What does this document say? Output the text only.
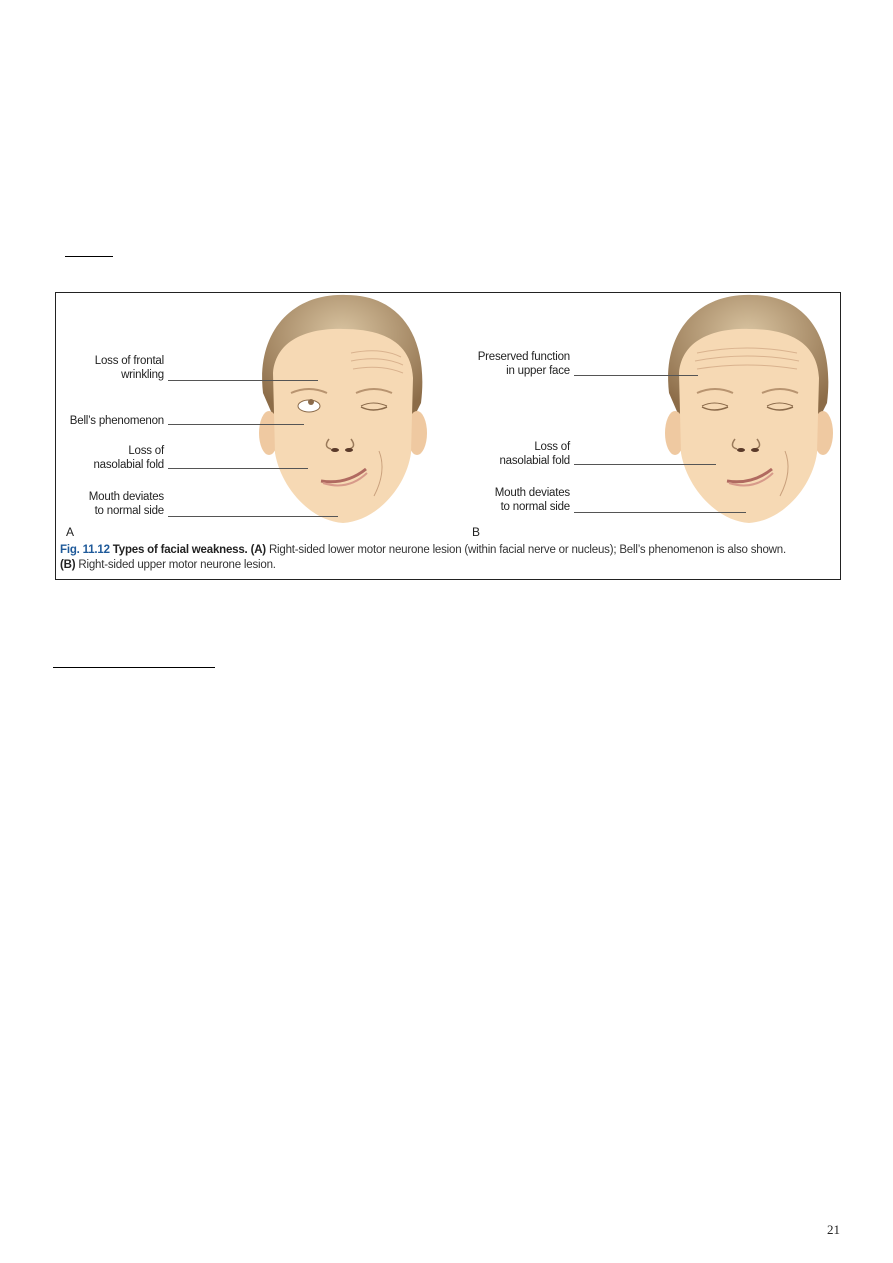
Loss of frontal
wrinkling
Bell’s phenomenon
Loss of
nasolabial fold
Mouth deviates
to normal side
A
Preserved function
in upper face
Loss of
nasolabial fold
Mouth deviates
to normal side
B
Fig. 11.12 Types of facial weakness. (A) Right-sided lower motor neurone lesion (within facial nerve or nucleus); Bell’s phenomenon is also shown.
(B) Right-sided upper motor neurone lesion.
21
